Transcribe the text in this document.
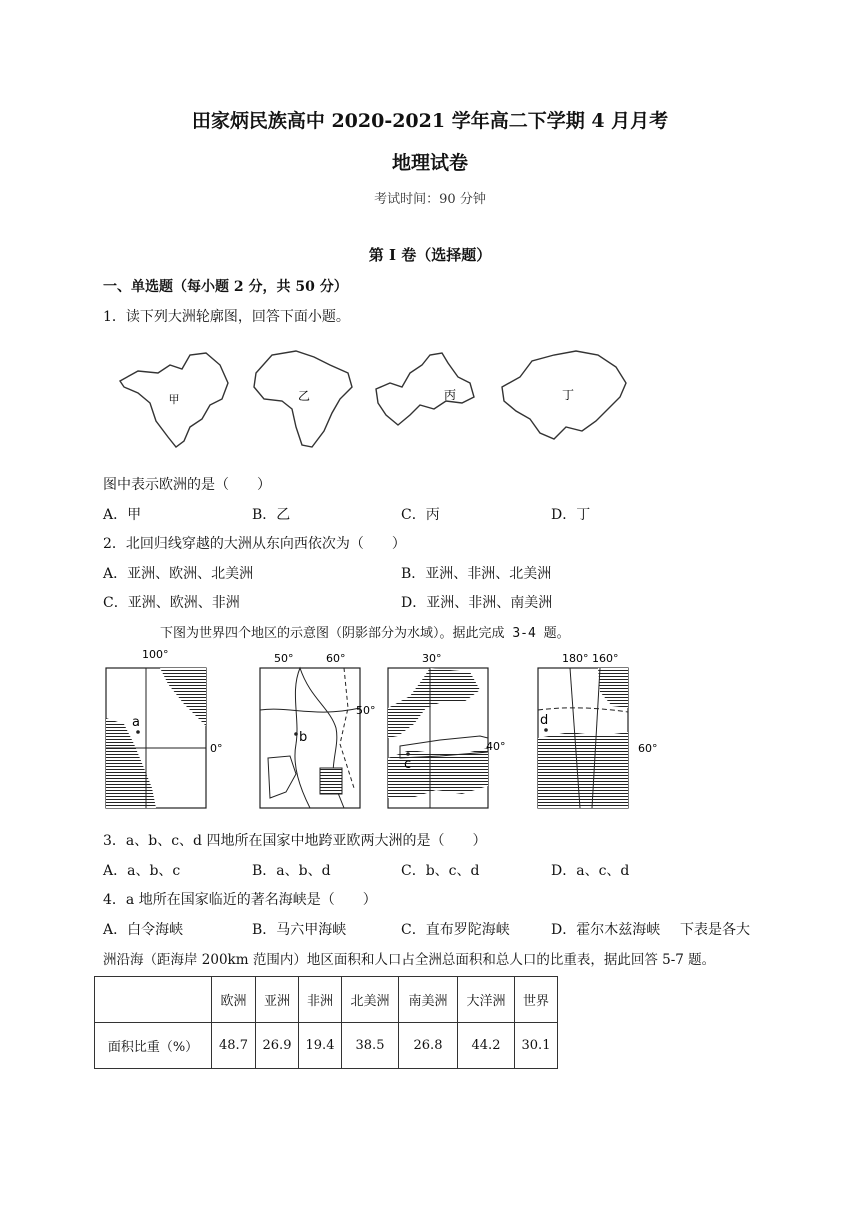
田家炳民族高中 2020-2021 学年高二下学期 4 月月考
地理试卷
考试时间：90 分钟
第 I 卷（选择题）
一、单选题（每小题 2 分，共 50 分）
1．读下列大洲轮廓图，回答下面小题。
甲	乙	丙	丁
图中表示欧洲的是（　　）
A．甲	B．乙	C．丙	D．丁
2．北回归线穿越的大洲从东向西依次为（　　）
A．亚洲、欧洲、北美洲	B．亚洲、非洲、北美洲
C．亚洲、欧洲、非洲	D．亚洲、非洲、南美洲
下图为世界四个地区的示意图（阴影部分为水域）。据此完成 3-4 题。
100°
0°
a
50°	60°
50°
b
30°
40°
c
180° 160°
60°
d
3．a、b、c、d 四地所在国家中地跨亚欧两大洲的是（　　）
A．a、b、c	B．a、b、d	C．b、c、d	D．a、c、d
4．a 地所在国家临近的著名海峡是（　　）
A．白令海峡	B．马六甲海峡	C．直布罗陀海峡	D．霍尔木兹海峡 下表是各大
洲沿海（距海岸 200km 范围内）地区面积和人口占全洲总面积和总人口的比重表，据此回答 5-7 题。
	欧洲	亚洲	非洲	北美洲	南美洲	大洋洲	世界
面积比重（%）	48.7	26.9	19.4	38.5	26.8	44.2	30.1
